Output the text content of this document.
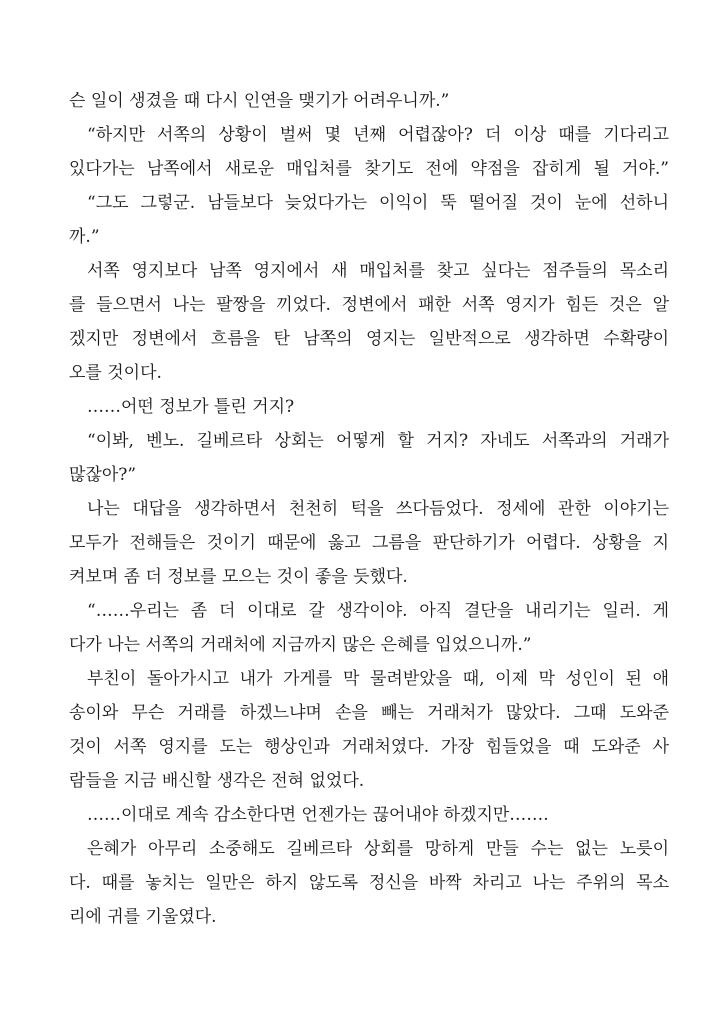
슨 일이 생겼을 때 다시 인연을 맺기가 어려우니까.”
“하지만 서쪽의 상황이 벌써 몇 년째 어렵잖아? 더 이상 때를 기다리고
있다가는 남쪽에서 새로운 매입처를 찾기도 전에 약점을 잡히게 될 거야.”
“그도 그렇군. 남들보다 늦었다가는 이익이 뚝 떨어질 것이 눈에 선하니
까.”
서쪽 영지보다 남쪽 영지에서 새 매입처를 찾고 싶다는 점주들의 목소리
를 들으면서 나는 팔짱을 끼었다. 정변에서 패한 서쪽 영지가 힘든 것은 알
겠지만 정변에서 흐름을 탄 남쪽의 영지는 일반적으로 생각하면 수확량이
오를 것이다.
……어떤 정보가 틀린 거지?
“이봐, 벤노. 길베르타 상회는 어떻게 할 거지? 자네도 서쪽과의 거래가
많잖아?”
나는 대답을 생각하면서 천천히 턱을 쓰다듬었다. 정세에 관한 이야기는
모두가 전해들은 것이기 때문에 옳고 그름을 판단하기가 어렵다. 상황을 지
켜보며 좀 더 정보를 모으는 것이 좋을 듯했다.
“……우리는 좀 더 이대로 갈 생각이야. 아직 결단을 내리기는 일러. 게
다가 나는 서쪽의 거래처에 지금까지 많은 은혜를 입었으니까.”
부친이 돌아가시고 내가 가게를 막 물려받았을 때, 이제 막 성인이 된 애
송이와 무슨 거래를 하겠느냐며 손을 빼는 거래처가 많았다. 그때 도와준
것이 서쪽 영지를 도는 행상인과 거래처였다. 가장 힘들었을 때 도와준 사
람들을 지금 배신할 생각은 전혀 없었다.
……이대로 계속 감소한다면 언젠가는 끊어내야 하겠지만…….
은혜가 아무리 소중해도 길베르타 상회를 망하게 만들 수는 없는 노릇이
다. 때를 놓치는 일만은 하지 않도록 정신을 바짝 차리고 나는 주위의 목소
리에 귀를 기울였다.
